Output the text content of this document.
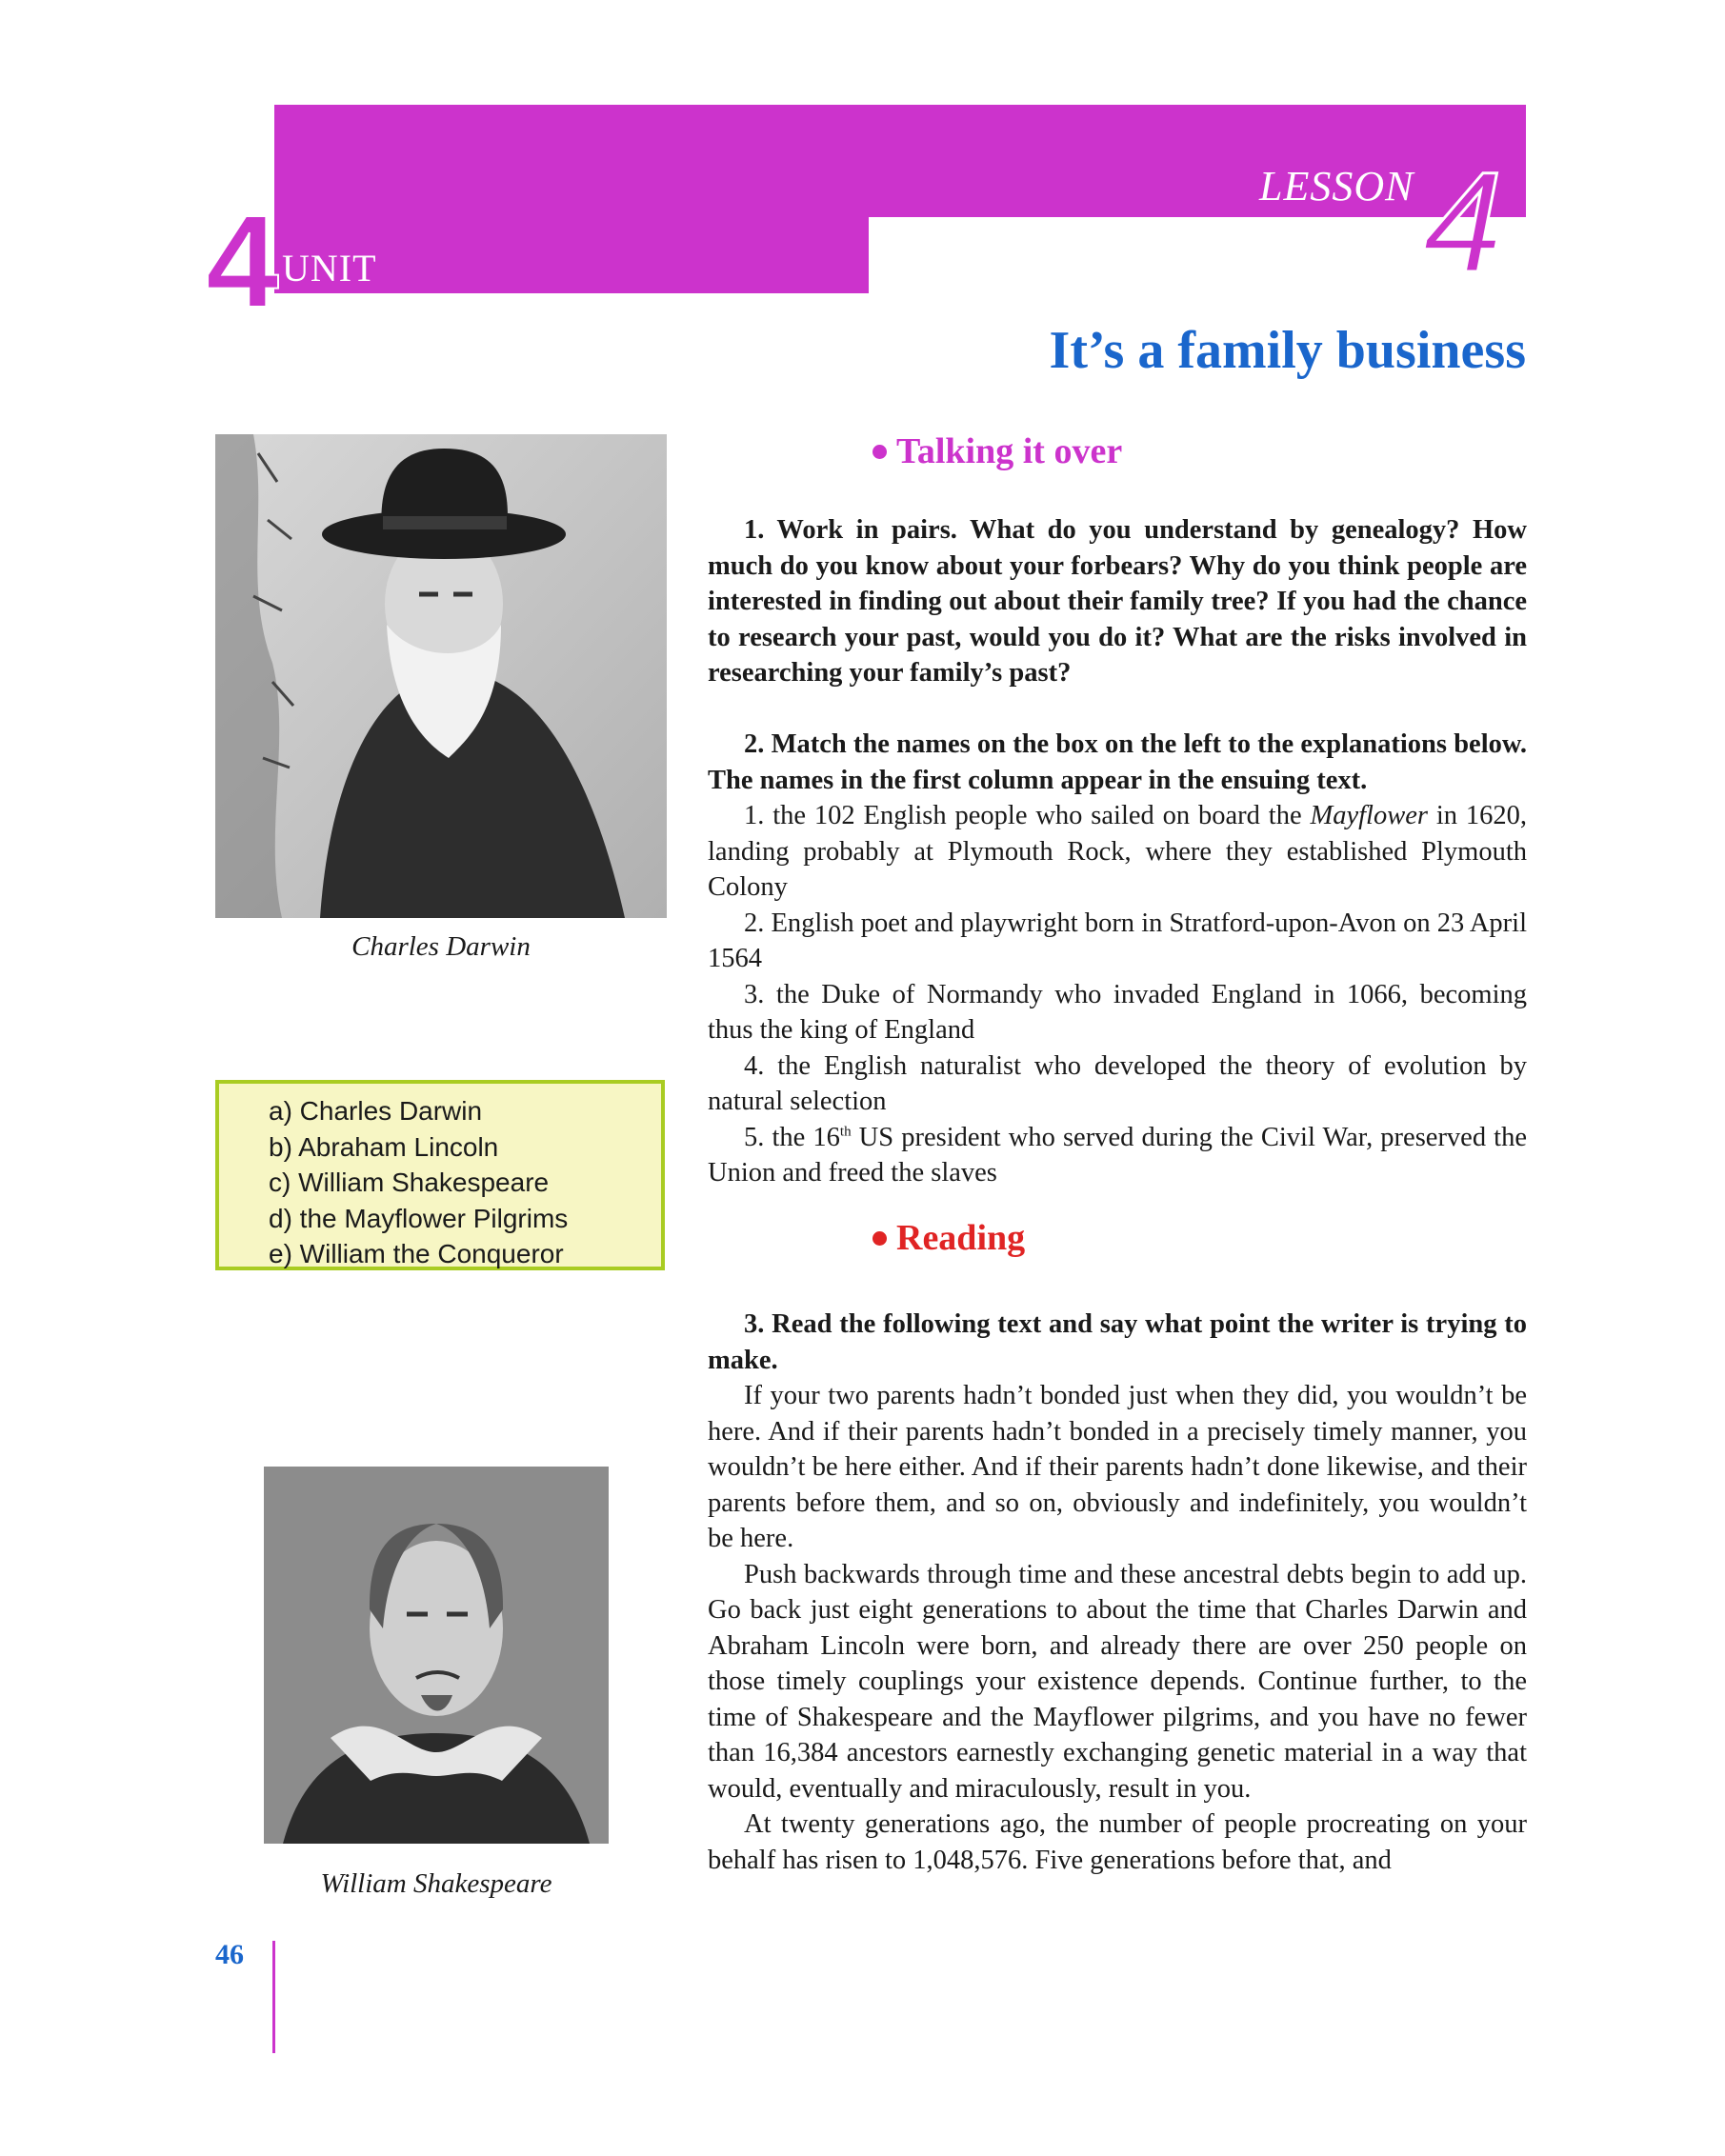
4 UNIT
LESSON 4
It’s a family business
Charles Darwin
a) Charles Darwin
b) Abraham Lincoln
c) William Shakespeare
d) the Mayflower Pilgrims
e) William the Conqueror
William Shakespeare
Talking it over

1. Work in pairs. What do you understand by genealogy? How much do you know about your forbears? Why do you think people are interested in finding out about their family tree? If you had the chance to research your past, would you do it? What are the risks involved in researching your family’s past?

2. Match the names on the box on the left to the explanations below. The names in the first column appear in the ensuing text.

1. the 102 English people who sailed on board the Mayflower in 1620, landing probably at Plymouth Rock, where they established Plymouth Colony

2. English poet and playwright born in Stratford-upon-Avon on 23 April 1564

3. the Duke of Normandy who invaded England in 1066, becoming thus the king of England

4. the English naturalist who developed the theory of evolution by natural selection

5. the 16th US president who served during the Civil War, preserved the Union and freed the slaves

Reading

3. Read the following text and say what point the writer is trying to make.

If your two parents hadn’t bonded just when they did, you wouldn’t be here. And if their parents hadn’t bonded in a precisely timely manner, you wouldn’t be here either. And if their parents hadn’t done likewise, and their parents before them, and so on, obviously and indefinitely, you wouldn’t be here.

Push backwards through time and these ancestral debts begin to add up. Go back just eight generations to about the time that Charles Darwin and Abraham Lincoln were born, and already there are over 250 people on those timely couplings your existence depends. Continue further, to the time of Shakespeare and the Mayflower pilgrims, and you have no fewer than 16,384 ancestors earnestly exchanging genetic material in a way that would, eventually and miraculously, result in you.

At twenty generations ago, the number of people procreating on your behalf has risen to 1,048,576. Five generations before that, and

46
